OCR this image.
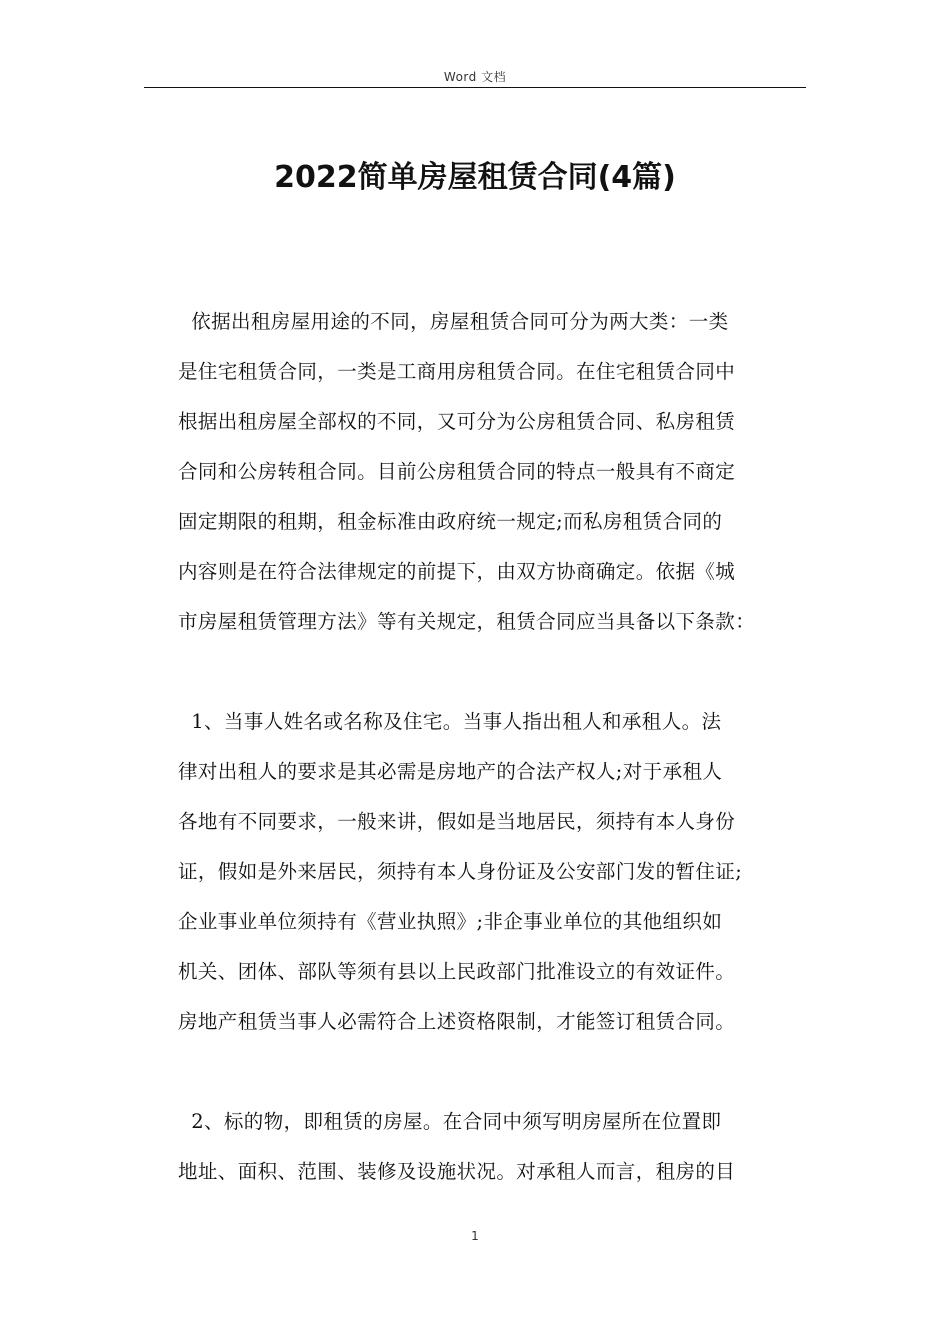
Word 文档
2022简单房屋租赁合同(4篇)

依据出租房屋用途的不同，房屋租赁合同可分为两大类：一类
是住宅租赁合同，一类是工商用房租赁合同。在住宅租赁合同中
根据出租房屋全部权的不同，又可分为公房租赁合同、私房租赁
合同和公房转租合同。目前公房租赁合同的特点一般具有不商定
固定期限的租期，租金标准由政府统一规定;而私房租赁合同的
内容则是在符合法律规定的前提下，由双方协商确定。依据《城
市房屋租赁管理方法》等有关规定，租赁合同应当具备以下条款：

1、当事人姓名或名称及住宅。当事人指出租人和承租人。法
律对出租人的要求是其必需是房地产的合法产权人;对于承租人
各地有不同要求，一般来讲，假如是当地居民，须持有本人身份
证，假如是外来居民，须持有本人身份证及公安部门发的暂住证;
企业事业单位须持有《营业执照》;非企事业单位的其他组织如
机关、团体、部队等须有县以上民政部门批准设立的有效证件。
房地产租赁当事人必需符合上述资格限制，才能签订租赁合同。

2、标的物，即租赁的房屋。在合同中须写明房屋所在位置即
地址、面积、范围、装修及设施状况。对承租人而言，租房的目

1
